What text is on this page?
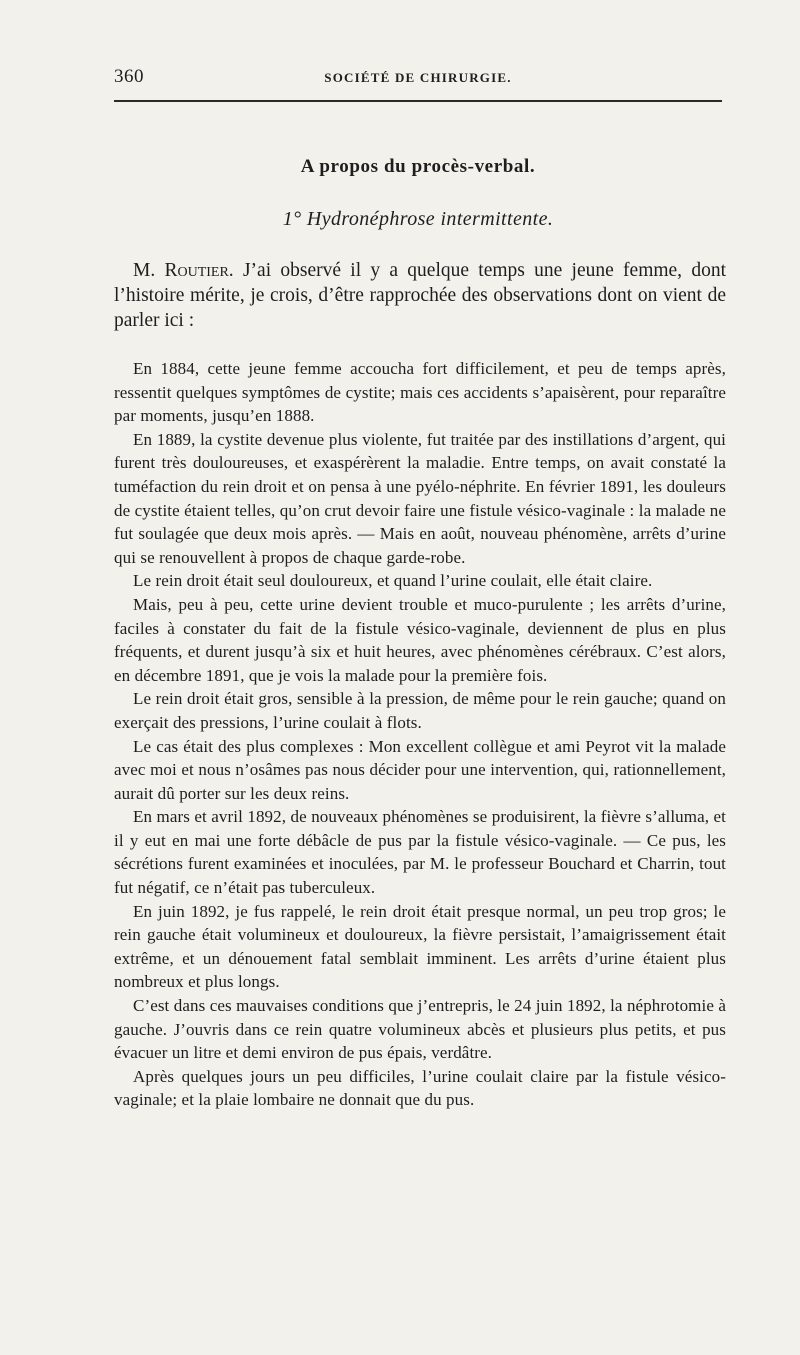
360	SOCIÉTÉ DE CHIRURGIE.
A propos du procès-verbal.
1° Hydronéphrose intermittente.

M. Routier. J’ai observé il y a quelque temps une jeune femme, dont l’histoire mérite, je crois, d’être rapprochée des observations dont on vient de parler ici :

En 1884, cette jeune femme accoucha fort difficilement, et peu de temps après, ressentit quelques symptômes de cystite; mais ces accidents s’apaisèrent, pour reparaître par moments, jusqu’en 1888.

En 1889, la cystite devenue plus violente, fut traitée par des instillations d’argent, qui furent très douloureuses, et exaspérèrent la maladie. Entre temps, on avait constaté la tuméfaction du rein droit et on pensa à une pyélo-néphrite. En février 1891, les douleurs de cystite étaient telles, qu’on crut devoir faire une fistule vésico-vaginale : la malade ne fut soulagée que deux mois après. — Mais en août, nouveau phénomène, arrêts d’urine qui se renouvellent à propos de chaque garde-robe.

Le rein droit était seul douloureux, et quand l’urine coulait, elle était claire.

Mais, peu à peu, cette urine devient trouble et muco-purulente ; les arrêts d’urine, faciles à constater du fait de la fistule vésico-vaginale, deviennent de plus en plus fréquents, et durent jusqu’à six et huit heures, avec phénomènes cérébraux. C’est alors, en décembre 1891, que je vois la malade pour la première fois.

Le rein droit était gros, sensible à la pression, de même pour le rein gauche; quand on exerçait des pressions, l’urine coulait à flots.

Le cas était des plus complexes : Mon excellent collègue et ami Peyrot vit la malade avec moi et nous n’osâmes pas nous décider pour une intervention, qui, rationnellement, aurait dû porter sur les deux reins.

En mars et avril 1892, de nouveaux phénomènes se produisirent, la fièvre s’alluma, et il y eut en mai une forte débâcle de pus par la fistule vésico-vaginale. — Ce pus, les sécrétions furent examinées et inoculées, par M. le professeur Bouchard et Charrin, tout fut négatif, ce n’était pas tuberculeux.

En juin 1892, je fus rappelé, le rein droit était presque normal, un peu trop gros; le rein gauche était volumineux et douloureux, la fièvre persistait, l’amaigrissement était extrême, et un dénouement fatal semblait imminent. Les arrêts d’urine étaient plus nombreux et plus longs.

C’est dans ces mauvaises conditions que j’entrepris, le 24 juin 1892, la néphrotomie à gauche. J’ouvris dans ce rein quatre volumineux abcès et plusieurs plus petits, et pus évacuer un litre et demi environ de pus épais, verdâtre.

Après quelques jours un peu difficiles, l’urine coulait claire par la fistule vésico-vaginale; et la plaie lombaire ne donnait que du pus.
